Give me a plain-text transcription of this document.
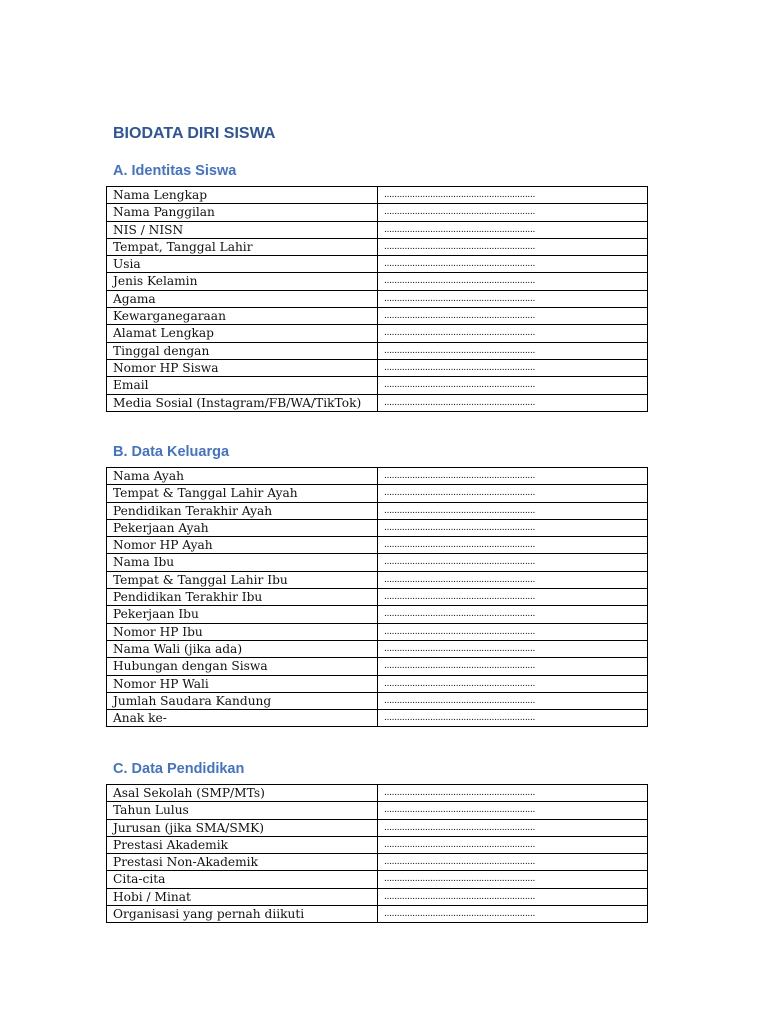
BIODATA DIRI SISWA
A. Identitas Siswa
Nama Lengkap	...........................................................
Nama Panggilan	...........................................................
NIS / NISN	...........................................................
Tempat, Tanggal Lahir	...........................................................
Usia	...........................................................
Jenis Kelamin	...........................................................
Agama	...........................................................
Kewarganegaraan	...........................................................
Alamat Lengkap	...........................................................
Tinggal dengan	...........................................................
Nomor HP Siswa	...........................................................
Email	...........................................................
Media Sosial (Instagram/FB/WA/TikTok)	...........................................................
B. Data Keluarga
Nama Ayah	...........................................................
Tempat & Tanggal Lahir Ayah	...........................................................
Pendidikan Terakhir Ayah	...........................................................
Pekerjaan Ayah	...........................................................
Nomor HP Ayah	...........................................................
Nama Ibu	...........................................................
Tempat & Tanggal Lahir Ibu	...........................................................
Pendidikan Terakhir Ibu	...........................................................
Pekerjaan Ibu	...........................................................
Nomor HP Ibu	...........................................................
Nama Wali (jika ada)	...........................................................
Hubungan dengan Siswa	...........................................................
Nomor HP Wali	...........................................................
Jumlah Saudara Kandung	...........................................................
Anak ke-	...........................................................
C. Data Pendidikan
Asal Sekolah (SMP/MTs)	...........................................................
Tahun Lulus	...........................................................
Jurusan (jika SMA/SMK)	...........................................................
Prestasi Akademik	...........................................................
Prestasi Non-Akademik	...........................................................
Cita-cita	...........................................................
Hobi / Minat	...........................................................
Organisasi yang pernah diikuti	...........................................................
